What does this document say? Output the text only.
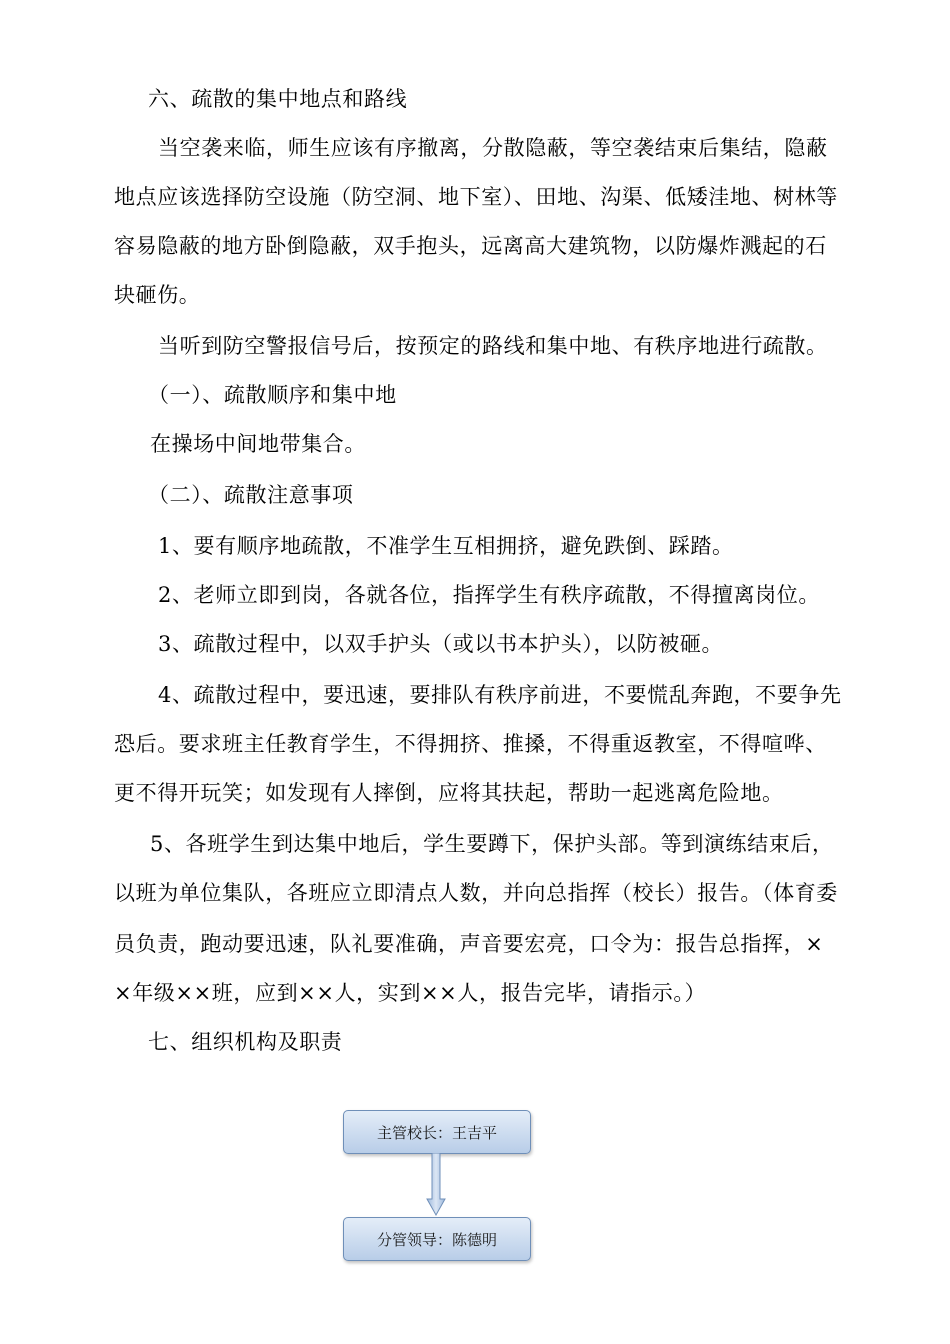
六、疏散的集中地点和路线
当空袭来临，师生应该有序撤离，分散隐蔽，等空袭结束后集结，隐蔽
地点应该选择防空设施（防空洞、地下室）、田地、沟渠、低矮洼地、树林等
容易隐蔽的地方卧倒隐蔽，双手抱头，远离高大建筑物，以防爆炸溅起的石
块砸伤。
当听到防空警报信号后，按预定的路线和集中地、有秩序地进行疏散。
（一）、疏散顺序和集中地
在操场中间地带集合。
（二）、疏散注意事项
1、要有顺序地疏散，不准学生互相拥挤，避免跌倒、踩踏。
2、老师立即到岗，各就各位，指挥学生有秩序疏散，不得擅离岗位。
3、疏散过程中，以双手护头（或以书本护头），以防被砸。
4、疏散过程中，要迅速，要排队有秩序前进，不要慌乱奔跑，不要争先
恐后。要求班主任教育学生，不得拥挤、推搡，不得重返教室，不得喧哗、
更不得开玩笑；如发现有人摔倒，应将其扶起，帮助一起逃离危险地。
5、各班学生到达集中地后，学生要蹲下，保护头部。等到演练结束后，
以班为单位集队，各班应立即清点人数，并向总指挥（校长）报告。（体育委
员负责，跑动要迅速，队礼要准确，声音要宏亮，口令为：报告总指挥，×
×年级××班，应到××人，实到××人，报告完毕，请指示。）
七、组织机构及职责
主管校长：王吉平
分管领导：陈德明
